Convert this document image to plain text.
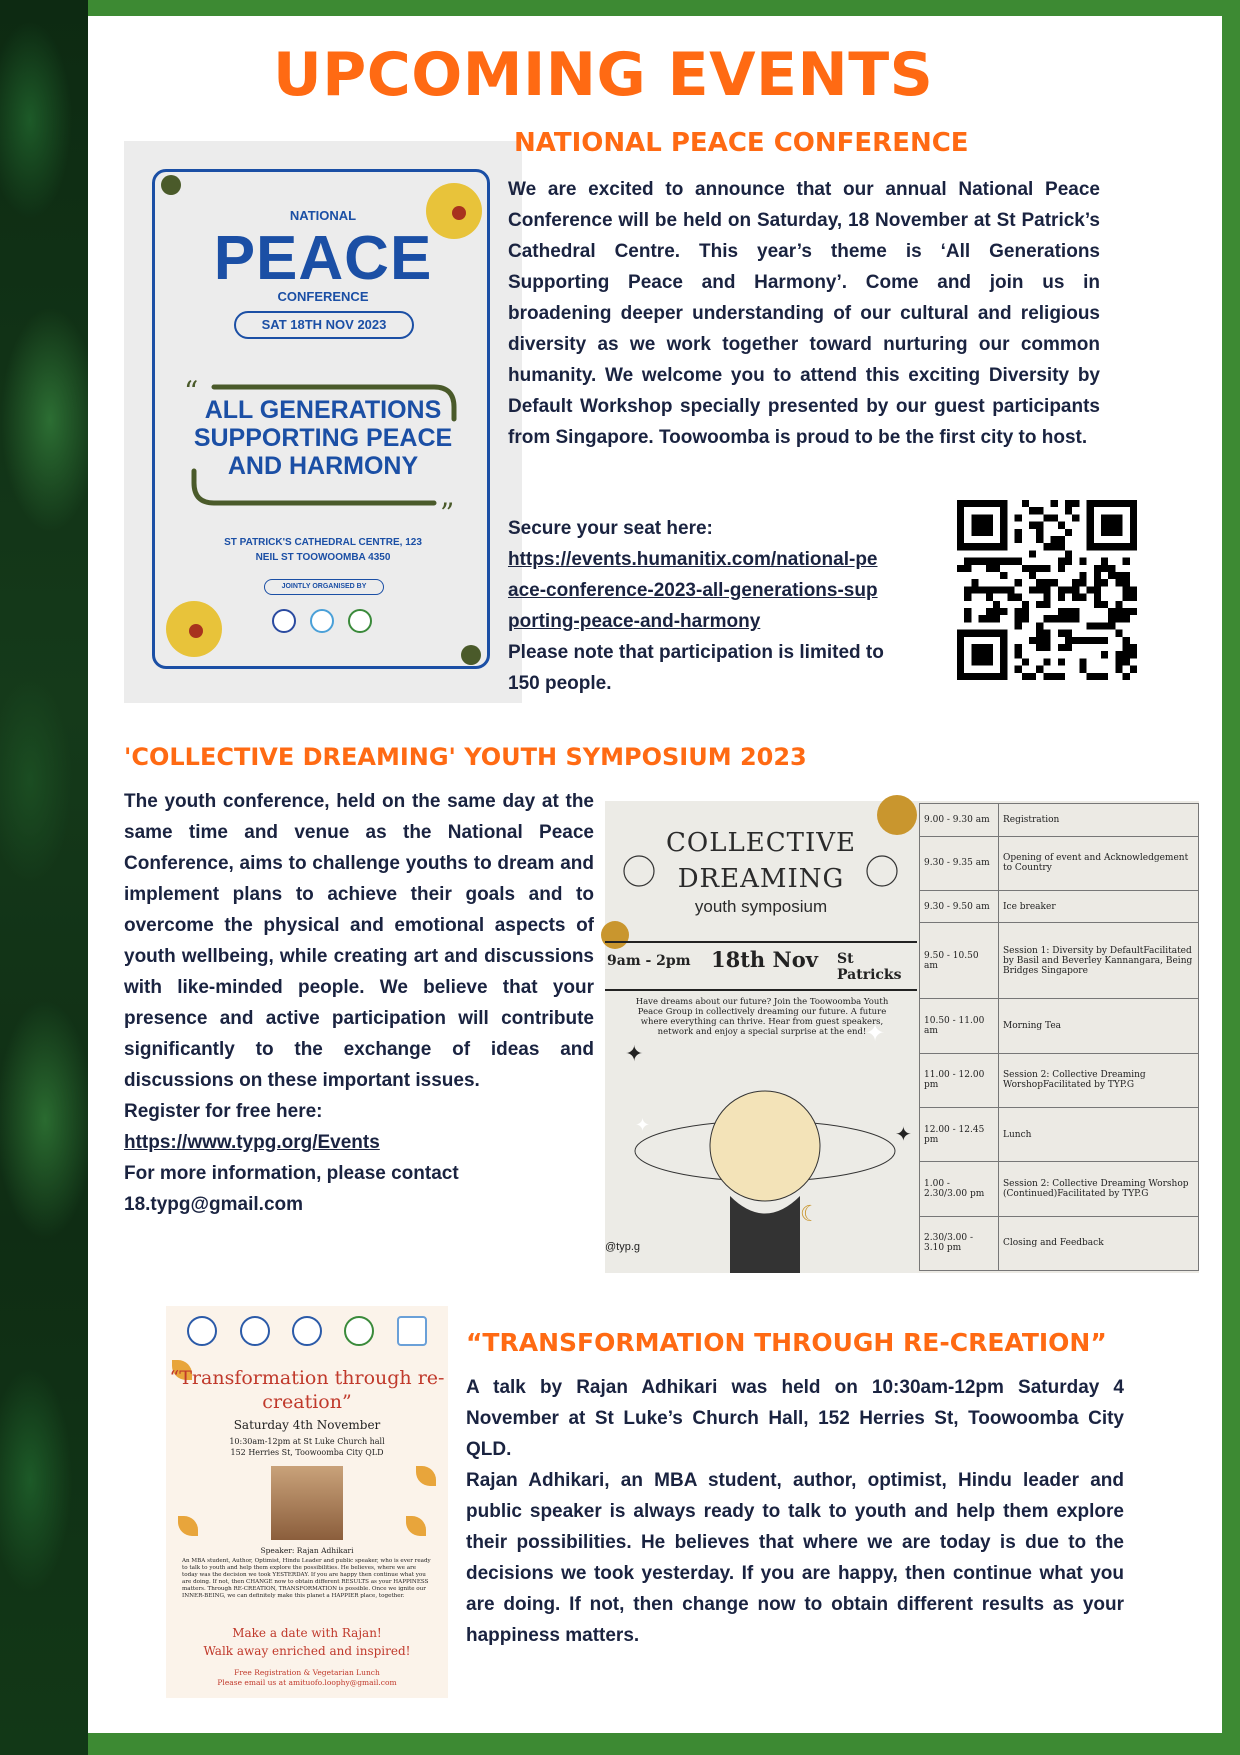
UPCOMING EVENTS
NATIONAL
PEACE
CONFERENCE
SAT 18TH NOV 2023
“
”
ALL GENERATIONS SUPPORTING PEACE AND HARMONY
ST PATRICK'S CATHEDRAL CENTRE, 123
NEIL ST TOOWOOMBA 4350
JOINTLY ORGANISED BY
NATIONAL PEACE CONFERENCE
We are excited to announce that our annual National Peace Conference will be held on Saturday, 18 November at St Patrick’s Cathedral Centre. This year’s theme is ‘All Generations Supporting Peace and Harmony’. Come and join us in broadening deeper understanding of our cultural and religious diversity as we work together toward nurturing our common humanity. We welcome you to attend this exciting Diversity by Default Workshop specially presented by our guest participants from Singapore. Toowoomba is proud to be the first city to host.
Secure your seat here:
https://events.humanitix.com/national-peace-conference-2023-all-generations-supporting-peace-and-harmony
Please note that participation is limited to 150 people.
'COLLECTIVE DREAMING' YOUTH SYMPOSIUM 2023
The youth conference, held on the same day at the same time and venue as the National Peace Conference, aims to challenge youths to dream and implement plans to achieve their goals and to overcome the physical and emotional aspects of youth wellbeing, while creating art and discussions with like-minded people. We believe that your presence and active participation will contribute significantly to the exchange of ideas and discussions on these important issues.
Register for free here:
https://www.typg.org/Events
For more information, please contact
18.typg@gmail.com
✦
✦
✦
✦
☾
COLLECTIVE
DREAMING
youth symposium
9am - 2pm 18th Nov St Patricks
Have dreams about our future? Join the Toowoomba Youth Peace Group in collectively dreaming our future. A future where everything can thrive. Hear from guest speakers, network and enjoy a special surprise at the end!
@typ.g
9.00 - 9.30 am	Registration
9.30 - 9.35 am	Opening of event and Acknowledgement to Country
9.30 - 9.50 am	Ice breaker
9.50 - 10.50 am	Session 1: Diversity by DefaultFacilitated by Basil and Beverley Kannangara, Being Bridges Singapore
10.50 - 11.00 am	Morning Tea
11.00 - 12.00 pm	Session 2: Collective Dreaming WorshopFacilitated by TYP.G
12.00 - 12.45 pm	Lunch
1.00 - 2.30/3.00 pm	Session 2: Collective Dreaming Worshop (Continued)Facilitated by TYP.G
2.30/3.00 - 3.10 pm	Closing and Feedback
“Transformation through re-creation”
Saturday 4th November
10:30am-12pm at St Luke Church hall
152 Herries St, Toowoomba City QLD
Speaker: Rajan Adhikari
An MBA student, Author, Optimist, Hindu Leader and public speaker, who is ever ready to talk to youth and help them explore the possibilities. He believes, where we are today was the decision we took YESTERDAY. If you are happy then continue what you are doing. If not, then CHANGE now to obtain different RESULTS as your HAPPINESS matters. Through RE-CREATION, TRANSFORMATION is possible. Once we ignite our INNER-BEING, we can definitely make this planet a HAPPIER place, together.
Make a date with Rajan!
Walk away enriched and inspired!
Free Registration & Vegetarian Lunch
Please email us at amituofo.loophy@gmail.com
“TRANSFORMATION THROUGH RE-CREATION”
A talk by Rajan Adhikari was held on 10:30am-12pm Saturday 4 November at St Luke’s Church Hall, 152 Herries St, Toowoomba City QLD.
Rajan Adhikari, an MBA student, author, optimist, Hindu leader and public speaker is always ready to talk to youth and help them explore their possibilities. He believes that where we are today is due to the decisions we took yesterday. If you are happy, then continue what you are doing. If not, then change now to obtain different results as your happiness matters.
